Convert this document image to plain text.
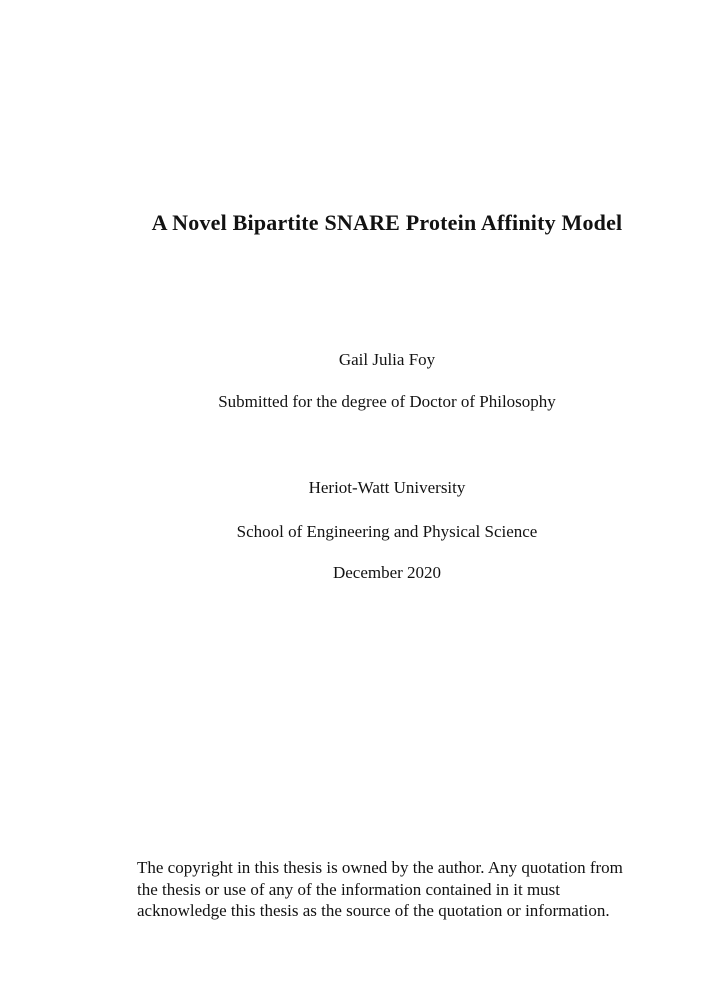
A Novel Bipartite SNARE Protein Affinity Model
Gail Julia Foy
Submitted for the degree of Doctor of Philosophy
Heriot-Watt University
School of Engineering and Physical Science
December 2020
The copyright in this thesis is owned by the author. Any quotation from the thesis or use of any of the information contained in it must acknowledge this thesis as the source of the quotation or information.
